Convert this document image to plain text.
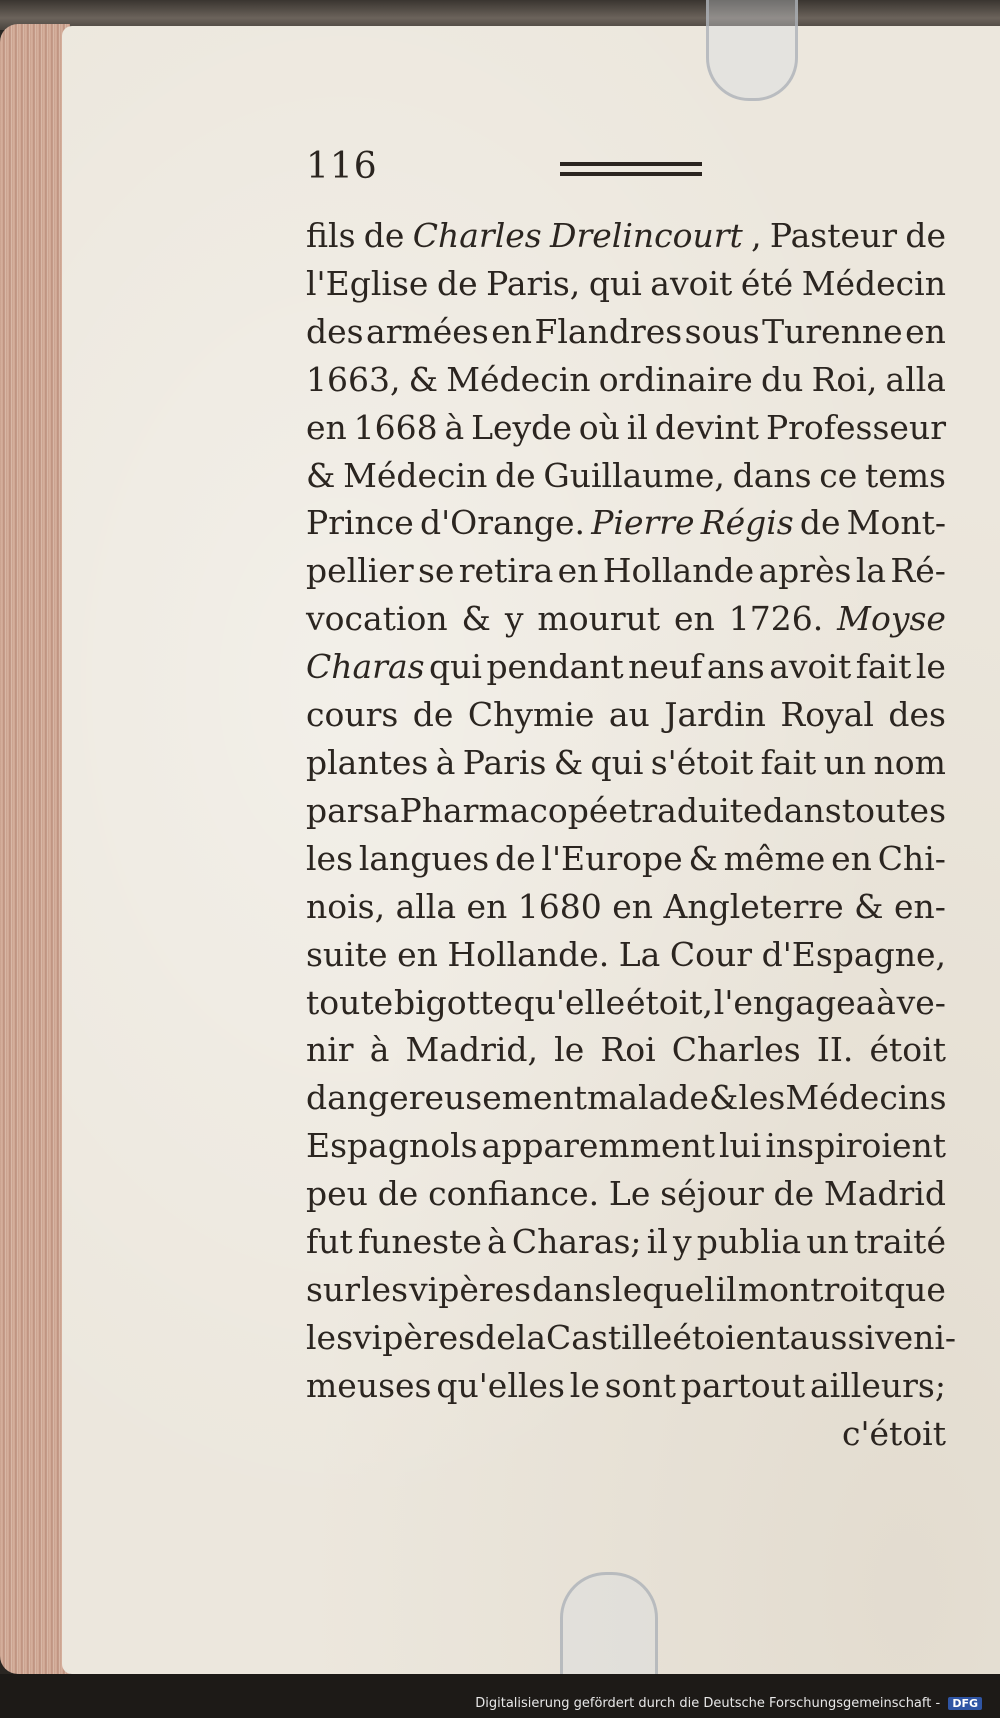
116
fils de Charles Drelincourt , Pasteur de
l'Eglise de Paris, qui avoit été Médecin
des armées en Flandres sous Turenne en
1663, & Médecin ordinaire du Roi, alla
en 1668 à Leyde où il devint Professeur
& Médecin de Guillaume, dans ce tems
Prince d'Orange. Pierre Régis de Mont-
pellier se retira en Hollande après la Ré-
vocation & y mourut en 1726. Moyse
Charas qui pendant neuf ans avoit fait le
cours de Chymie au Jardin Royal des
plantes à Paris & qui s'étoit fait un nom
par sa Pharmacopée traduite dans toutes
les langues de l'Europe & même en Chi-
nois, alla en 1680 en Angleterre & en-
suite en Hollande. La Cour d'Espagne,
toute bigotte qu'elle étoit, l'engagea à ve-
nir à Madrid, le Roi Charles II. étoit
dangereusement malade & les Médecins
Espagnols apparemment lui inspiroient
peu de confiance. Le séjour de Madrid
fut funeste à Charas; il y publia un traité
sur les vipères dans lequel il montroit que
les vipères de la Castille étoient aussi veni-
meuses qu'elles le sont partout ailleurs;
c'étoit
Digitalisierung gefördert durch die Deutsche Forschungsgemeinschaft - DFG
